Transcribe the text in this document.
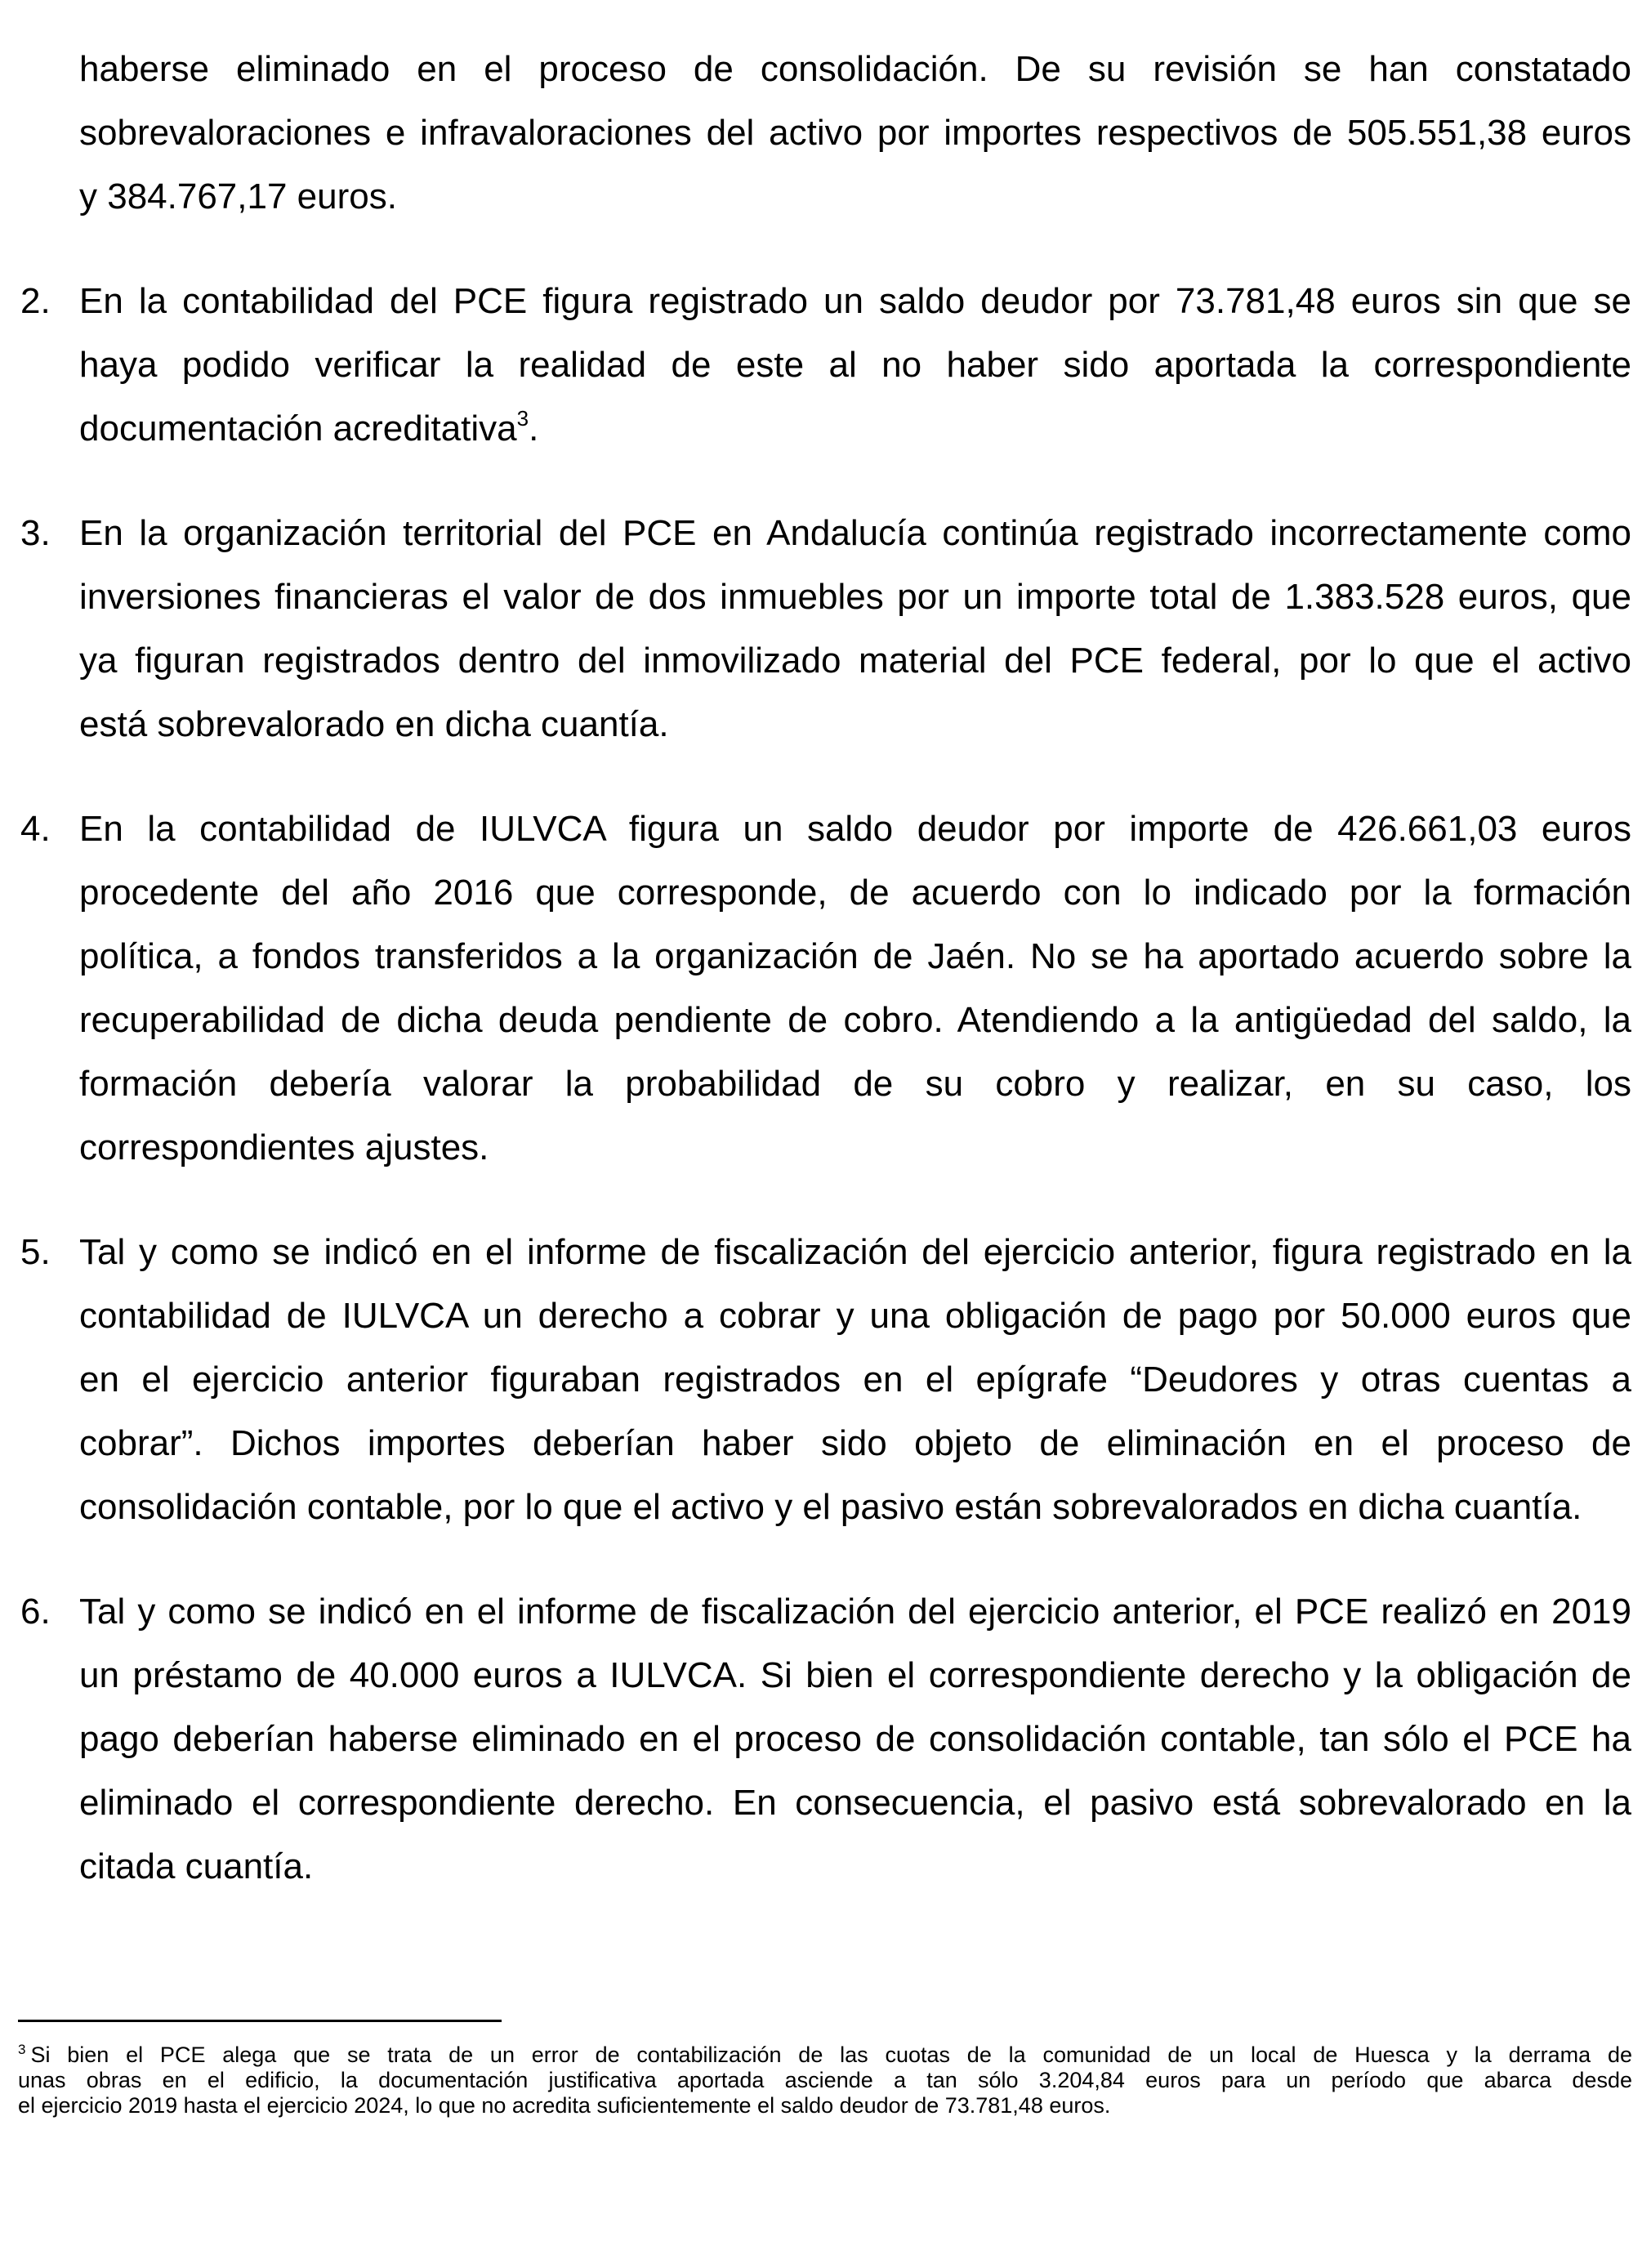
haberse eliminado en el proceso de consolidación. De su revisión se han constatado
sobrevaloraciones e infravaloraciones del activo por importes respectivos de 505.551,38 euros
y 384.767,17 euros.
2. En la contabilidad del PCE figura registrado un saldo deudor por 73.781,48 euros sin que se
haya podido verificar la realidad de este al no haber sido aportada la correspondiente
documentación acreditativa$^3$.
3. En la organización territorial del PCE en Andalucía continúa registrado incorrectamente como
inversiones financieras el valor de dos inmuebles por un importe total de 1.383.528 euros, que
ya figuran registrados dentro del inmovilizado material del PCE federal, por lo que el activo
está sobrevalorado en dicha cuantía.
4. En la contabilidad de IULVCA figura un saldo deudor por importe de 426.661,03 euros
procedente del año 2016 que corresponde, de acuerdo con lo indicado por la formación
política, a fondos transferidos a la organización de Jaén. No se ha aportado acuerdo sobre la
recuperabilidad de dicha deuda pendiente de cobro. Atendiendo a la antigüedad del saldo, la
formación debería valorar la probabilidad de su cobro y realizar, en su caso, los
correspondientes ajustes.
5. Tal y como se indicó en el informe de fiscalización del ejercicio anterior, figura registrado en la
contabilidad de IULVCA un derecho a cobrar y una obligación de pago por 50.000 euros que
en el ejercicio anterior figuraban registrados en el epígrafe “Deudores y otras cuentas a
cobrar”. Dichos importes deberían haber sido objeto de eliminación en el proceso de
consolidación contable, por lo que el activo y el pasivo están sobrevalorados en dicha cuantía.
6. Tal y como se indicó en el informe de fiscalización del ejercicio anterior, el PCE realizó en 2019
un préstamo de 40.000 euros a IULVCA. Si bien el correspondiente derecho y la obligación de
pago deberían haberse eliminado en el proceso de consolidación contable, tan sólo el PCE ha
eliminado el correspondiente derecho. En consecuencia, el pasivo está sobrevalorado en la
citada cuantía.
$^3$ Si bien el PCE alega que se trata de un error de contabilización de las cuotas de la comunidad de un local de Huesca y la derrama de
unas obras en el edificio, la documentación justificativa aportada asciende a tan sólo 3.204,84 euros para un período que abarca desde
el ejercicio 2019 hasta el ejercicio 2024, lo que no acredita suficientemente el saldo deudor de 73.781,48 euros.
